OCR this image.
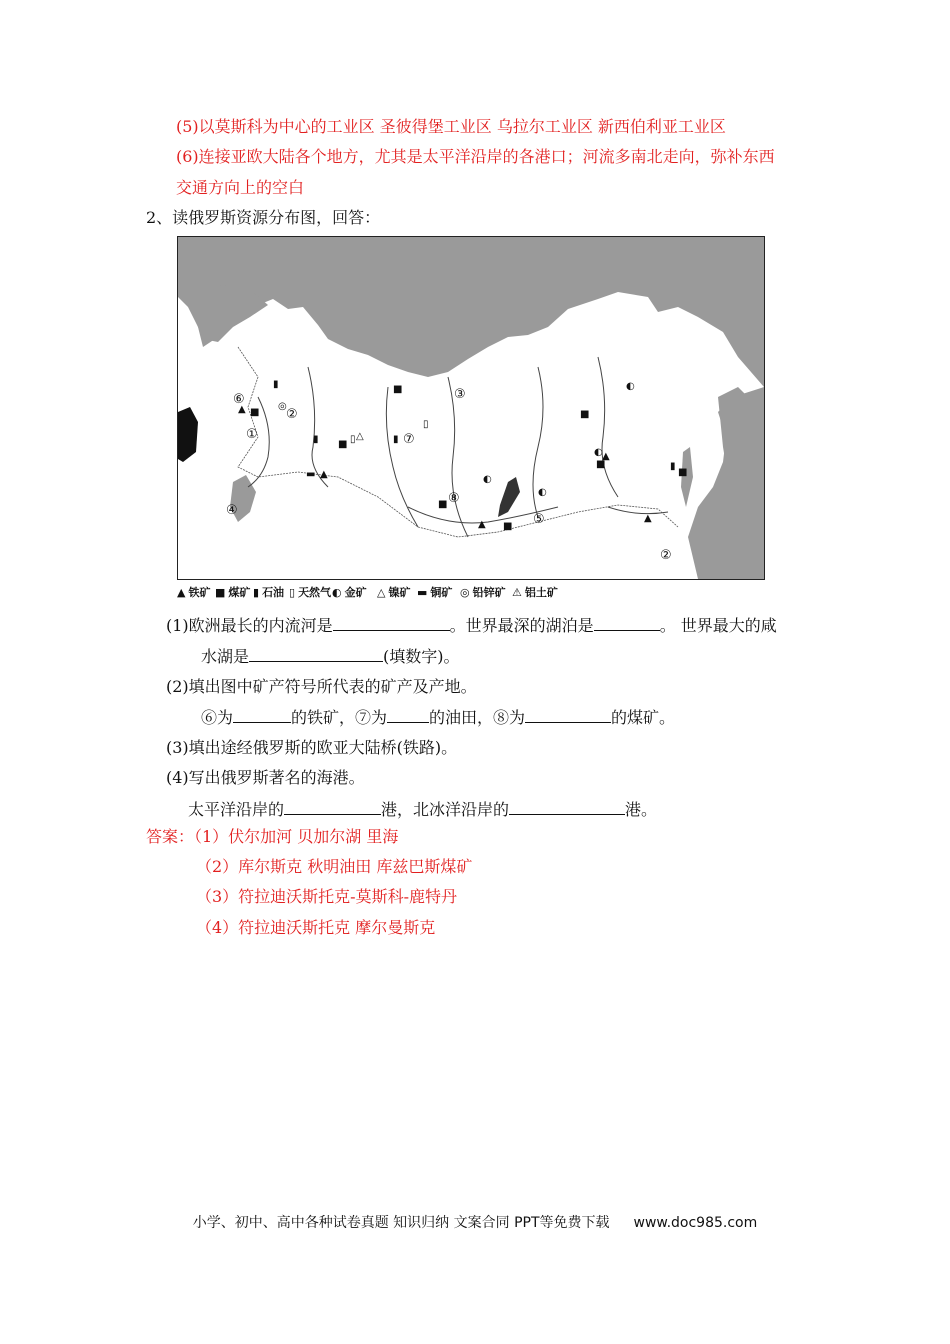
(5)以莫斯科为中心的工业区 圣彼得堡工业区 乌拉尔工业区 新西伯利亚工业区
(6)连接亚欧大陆各个地方，尤其是太平洋沿岸的各港口；河流多南北走向，弥补东西
交通方向上的空白
2、读俄罗斯资源分布图，回答：
▲ ■
▮
◎
▮ ■ ▯ △
■
▯
▮
▬ ▲
■
◐
▲ ■
◐
■
◐
◐ ▲
■
■
▮
▲
⑥
②
①
③
⑦
⑧
⑤
④
②
▲ 铁矿 ■ 煤矿 ▮ 石油 ▯ 天然气 ◐ 金矿 △ 镍矿 ▬ 铜矿 ◎ 铅锌矿 ⚠ 铝土矿
(1)欧洲最长的内流河是	。世界最深的湖泊是	。 世界最大的咸
水湖是	(填数字)。
(2)填出图中矿产符号所代表的矿产及产地。
⑥为	的铁矿，⑦为	的油田，⑧为	的煤矿。
(3)填出途经俄罗斯的欧亚大陆桥(铁路)。
(4)写出俄罗斯著名的海港。
太平洋沿岸的	港，北冰洋沿岸的	港。
答案：（1）伏尔加河 贝加尔湖 里海
（2）库尔斯克 秋明油田 库兹巴斯煤矿
（3）符拉迪沃斯托克-莫斯科-鹿特丹
（4）符拉迪沃斯托克 摩尔曼斯克
小学、初中、高中各种试卷真题 知识归纳 文案合同 PPT等免费下载 www.doc985.com
